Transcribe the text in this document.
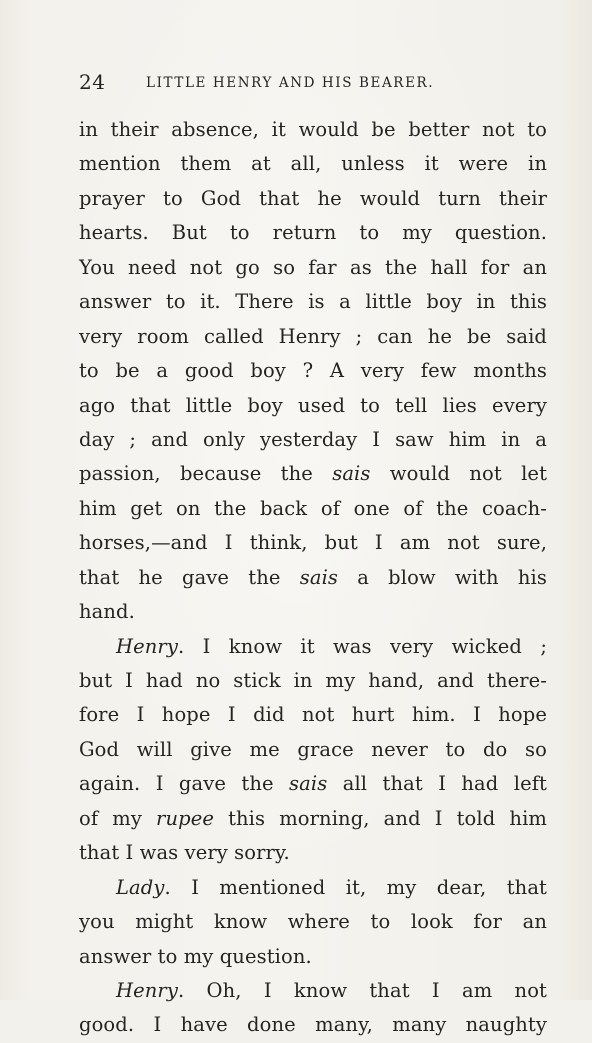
24	LITTLE HENRY AND HIS BEARER.
in their absence, it would be better not to
mention them at all, unless it were in
prayer to God that he would turn their
hearts. But to return to my question.
You need not go so far as the hall for an
answer to it. There is a little boy in this
very room called Henry ; can he be said
to be a good boy ? A very few months
ago that little boy used to tell lies every
day ; and only yesterday I saw him in a
passion, because the sais would not let
him get on the back of one of the coach-
horses,—and I think, but I am not sure,
that he gave the sais a blow with his
hand.
Henry. I know it was very wicked ;
but I had no stick in my hand, and there-
fore I hope I did not hurt him. I hope
God will give me grace never to do so
again. I gave the sais all that I had left
of my rupee this morning, and I told him
that I was very sorry.
Lady. I mentioned it, my dear, that
you might know where to look for an
answer to my question.
Henry. Oh, I know that I am not
good. I have done many, many naughty
